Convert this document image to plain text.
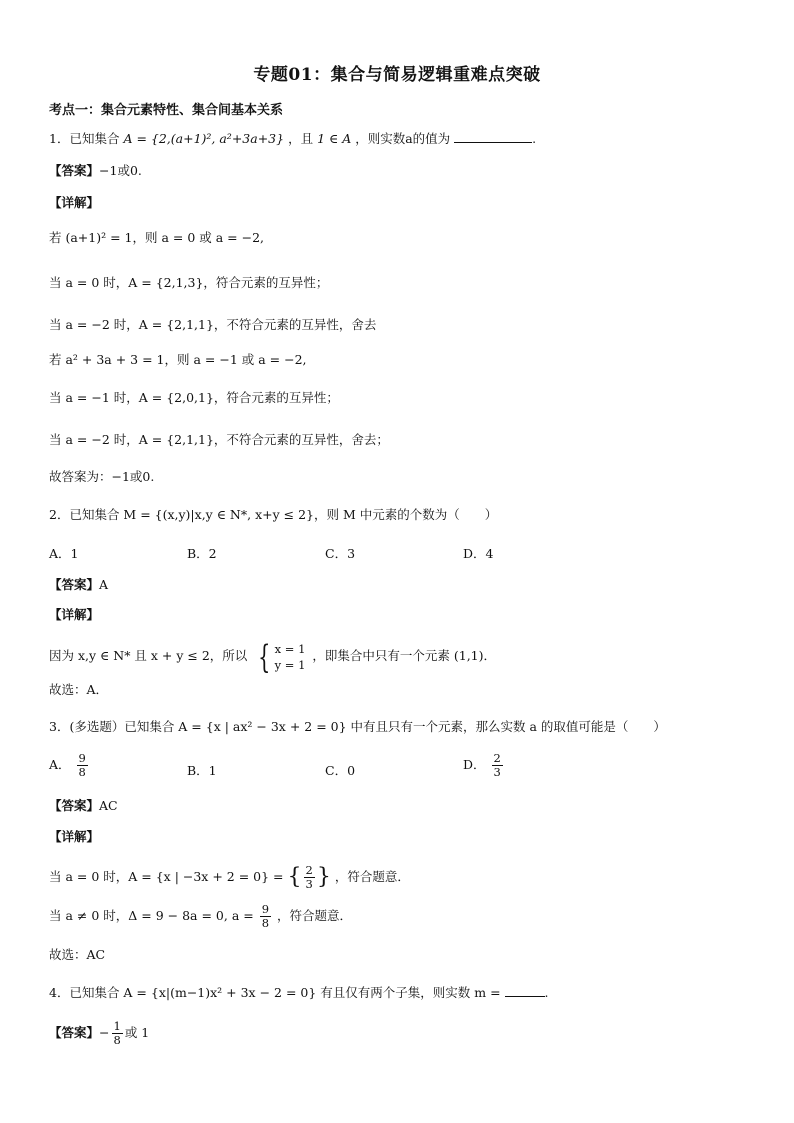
专题01：集合与简易逻辑重难点突破
考点一：集合元素特性、集合间基本关系
1．已知集合 A = {2,(a+1)², a²+3a+3} ，且 1 ∈ A ，则实数a的值为	.
【答案】−1或0.
【详解】
若 (a+1)² = 1，则 a = 0 或 a = −2,
当 a = 0 时，A = {2,1,3}，符合元素的互异性；
当 a = −2 时，A = {2,1,1}，不符合元素的互异性，舍去
若 a² + 3a + 3 = 1，则 a = −1 或 a = −2,
当 a = −1 时，A = {2,0,1}，符合元素的互异性；
当 a = −2 时，A = {2,1,1}，不符合元素的互异性，舍去；
故答案为：−1或0.
2．已知集合 M = {(x,y)|x,y ∈ N*, x+y ≤ 2}，则 M 中元素的个数为（　　）
A．1	B．2	C．3	D．4
【答案】A
【详解】
因为 x,y ∈ N* 且 x + y ≤ 2，所以 { x = 1
y = 1
，即集合中只有一个元素 (1,1)．
故选：A．
3．(多选题）已知集合 A = {x | ax² − 3x + 2 = 0} 中有且只有一个元素，那么实数 a 的取值可能是（　　）
A． $\frac{9}{8}$	B．1	C．0	D． $\frac{2}{3}$
【答案】AC
【详解】
当 a = 0 时，A = {x | −3x + 2 = 0} = { $\frac{2}{3}$ } ，符合题意．
当 a ≠ 0 时，Δ = 9 − 8a = 0, $a = \frac{9}{8}$ ，符合题意．
故选：AC
4．已知集合 A = {x|(m−1)x² + 3x − 2 = 0} 有且仅有两个子集，则实数 m =	.
【答案】− $\frac{1}{8}$ 或 1
